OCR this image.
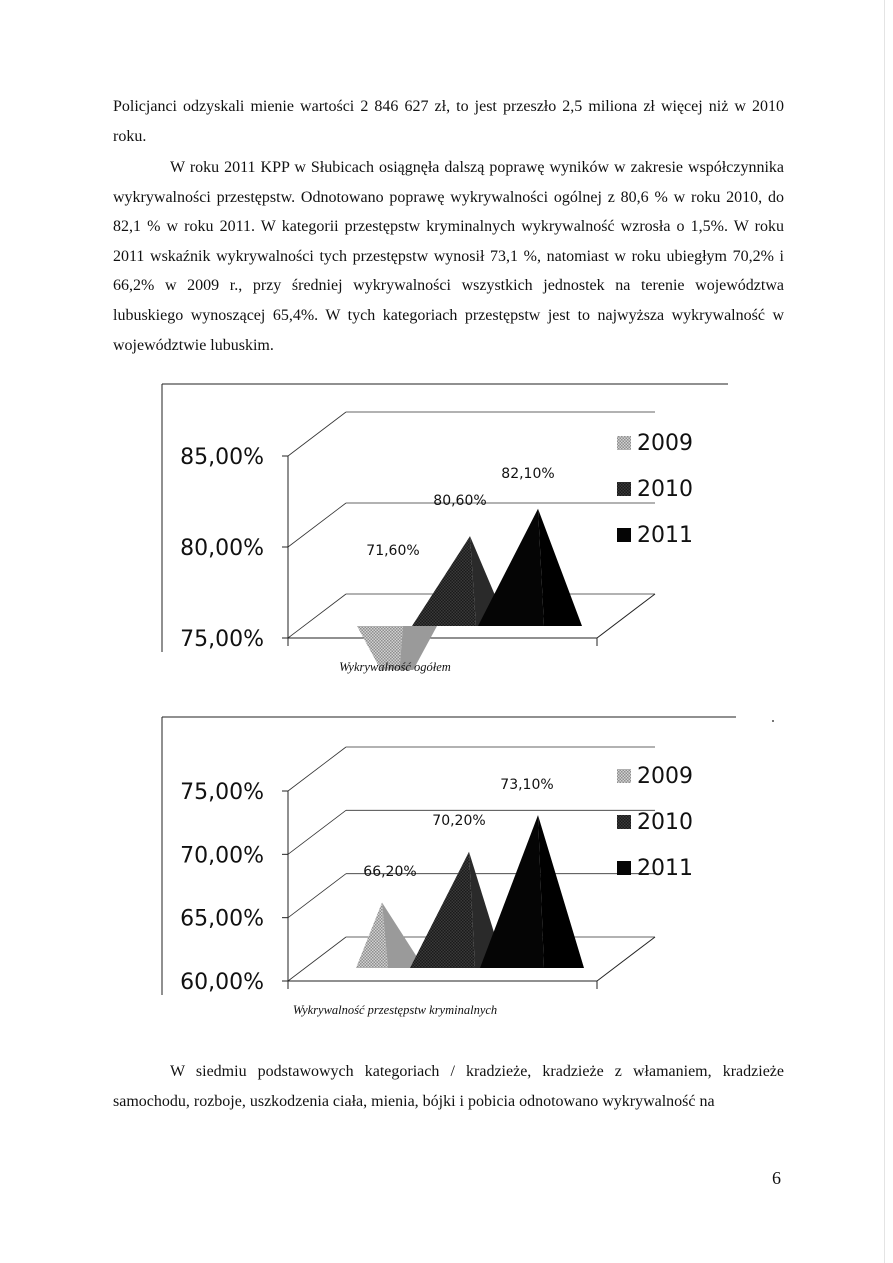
Policjanci odzyskali mienie wartości 2 846 627 zł, to jest przeszło 2,5 miliona zł więcej niż w 2010 roku.

W roku 2011 KPP w Słubicach osiągnęła dalszą poprawę wyników w zakresie współczynnika wykrywalności przestępstw. Odnotowano poprawę wykrywalności ogólnej z 80,6 % w roku 2010, do 82,1 % w roku 2011. W kategorii przestępstw kryminalnych wykrywalność wzrosła o 1,5%. W roku 2011 wskaźnik wykrywalności tych przestępstw wynosił 73,1 %, natomiast w roku ubiegłym 70,2% i 66,2% w 2009 r., przy średniej wykrywalności wszystkich jednostek na terenie województwa lubuskiego wynoszącej 65,4%. W tych kategoriach przestępstw jest to najwyższa wykrywalność w województwie lubuskim.

75,00%
80,00%
85,00%
71,60%
80,60%
82,10%
2009
2010
2011
Wykrywalność ogółem
60,00%
65,00%
70,00%
75,00%
66,20%
70,20%
73,10%	2009
2010
2011
Wykrywalność przestępstw kryminalnych

W siedmiu podstawowych kategoriach / kradzieże, kradzieże z włamaniem, kradzieże samochodu, rozboje, uszkodzenia ciała, mienia, bójki i pobicia odnotowano wykrywalność na

6
